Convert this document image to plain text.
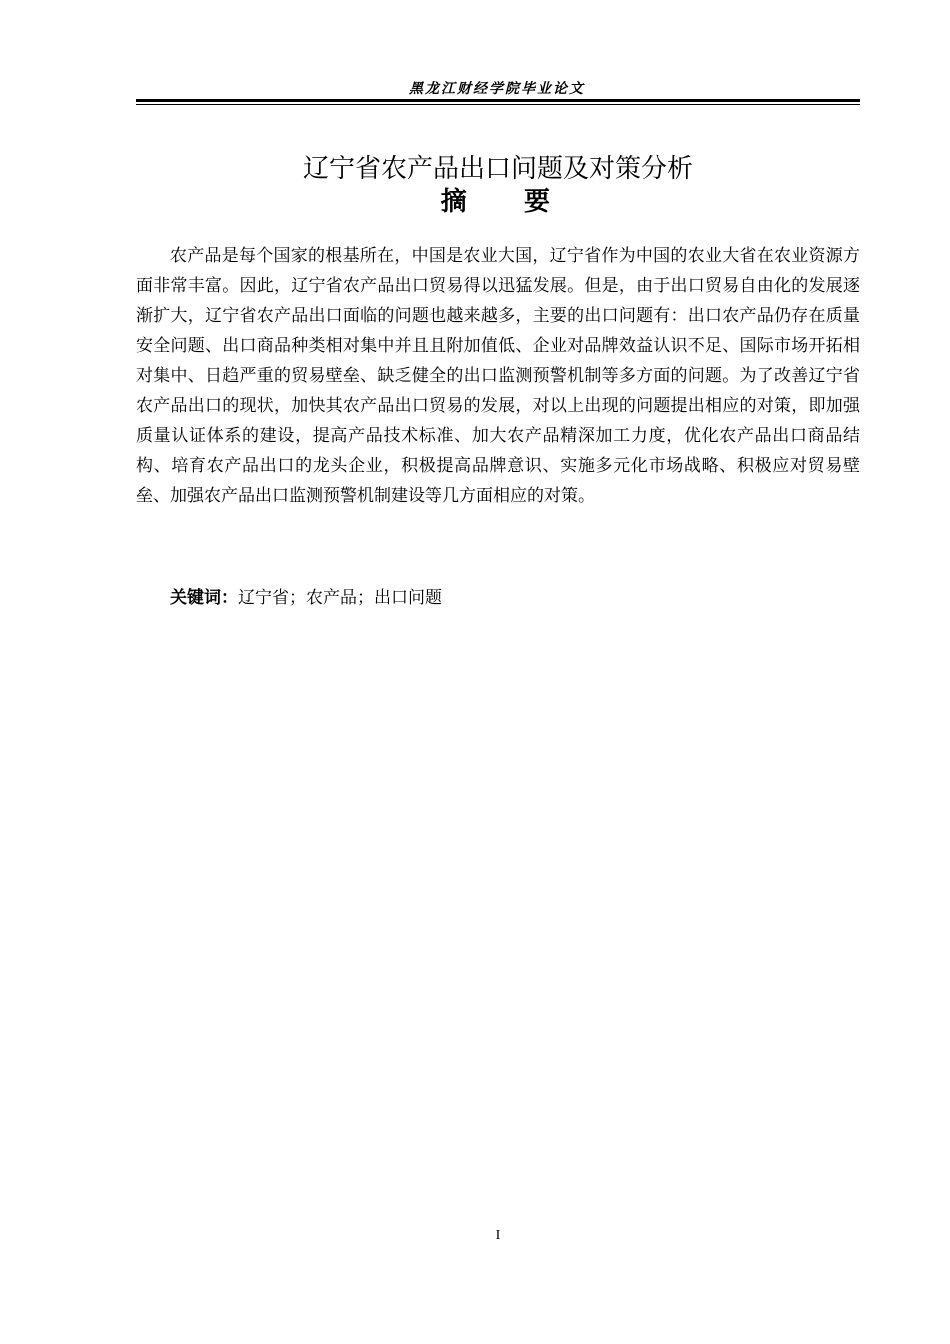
黑龙江财经学院毕业论文
辽宁省农产品出口问题及对策分析
摘 要

农产品是每个国家的根基所在，中国是农业大国，辽宁省作为中国的农业大省在农业资源方面非常丰富。因此，辽宁省农产品出口贸易得以迅猛发展。但是，由于出口贸易自由化的发展逐渐扩大，辽宁省农产品出口面临的问题也越来越多，主要的出口问题有：出口农产品仍存在质量安全问题、出口商品种类相对集中并且且附加值低、企业对品牌效益认识不足、国际市场开拓相对集中、日趋严重的贸易壁垒、缺乏健全的出口监测预警机制等多方面的问题。为了改善辽宁省农产品出口的现状，加快其农产品出口贸易的发展，对以上出现的问题提出相应的对策，即加强质量认证体系的建设，提高产品技术标准、加大农产品精深加工力度，优化农产品出口商品结构、培育农产品出口的龙头企业，积极提高品牌意识、实施多元化市场战略、积极应对贸易壁垒、加强农产品出口监测预警机制建设等几方面相应的对策。

关键词：辽宁省；农产品；出口问题
I
